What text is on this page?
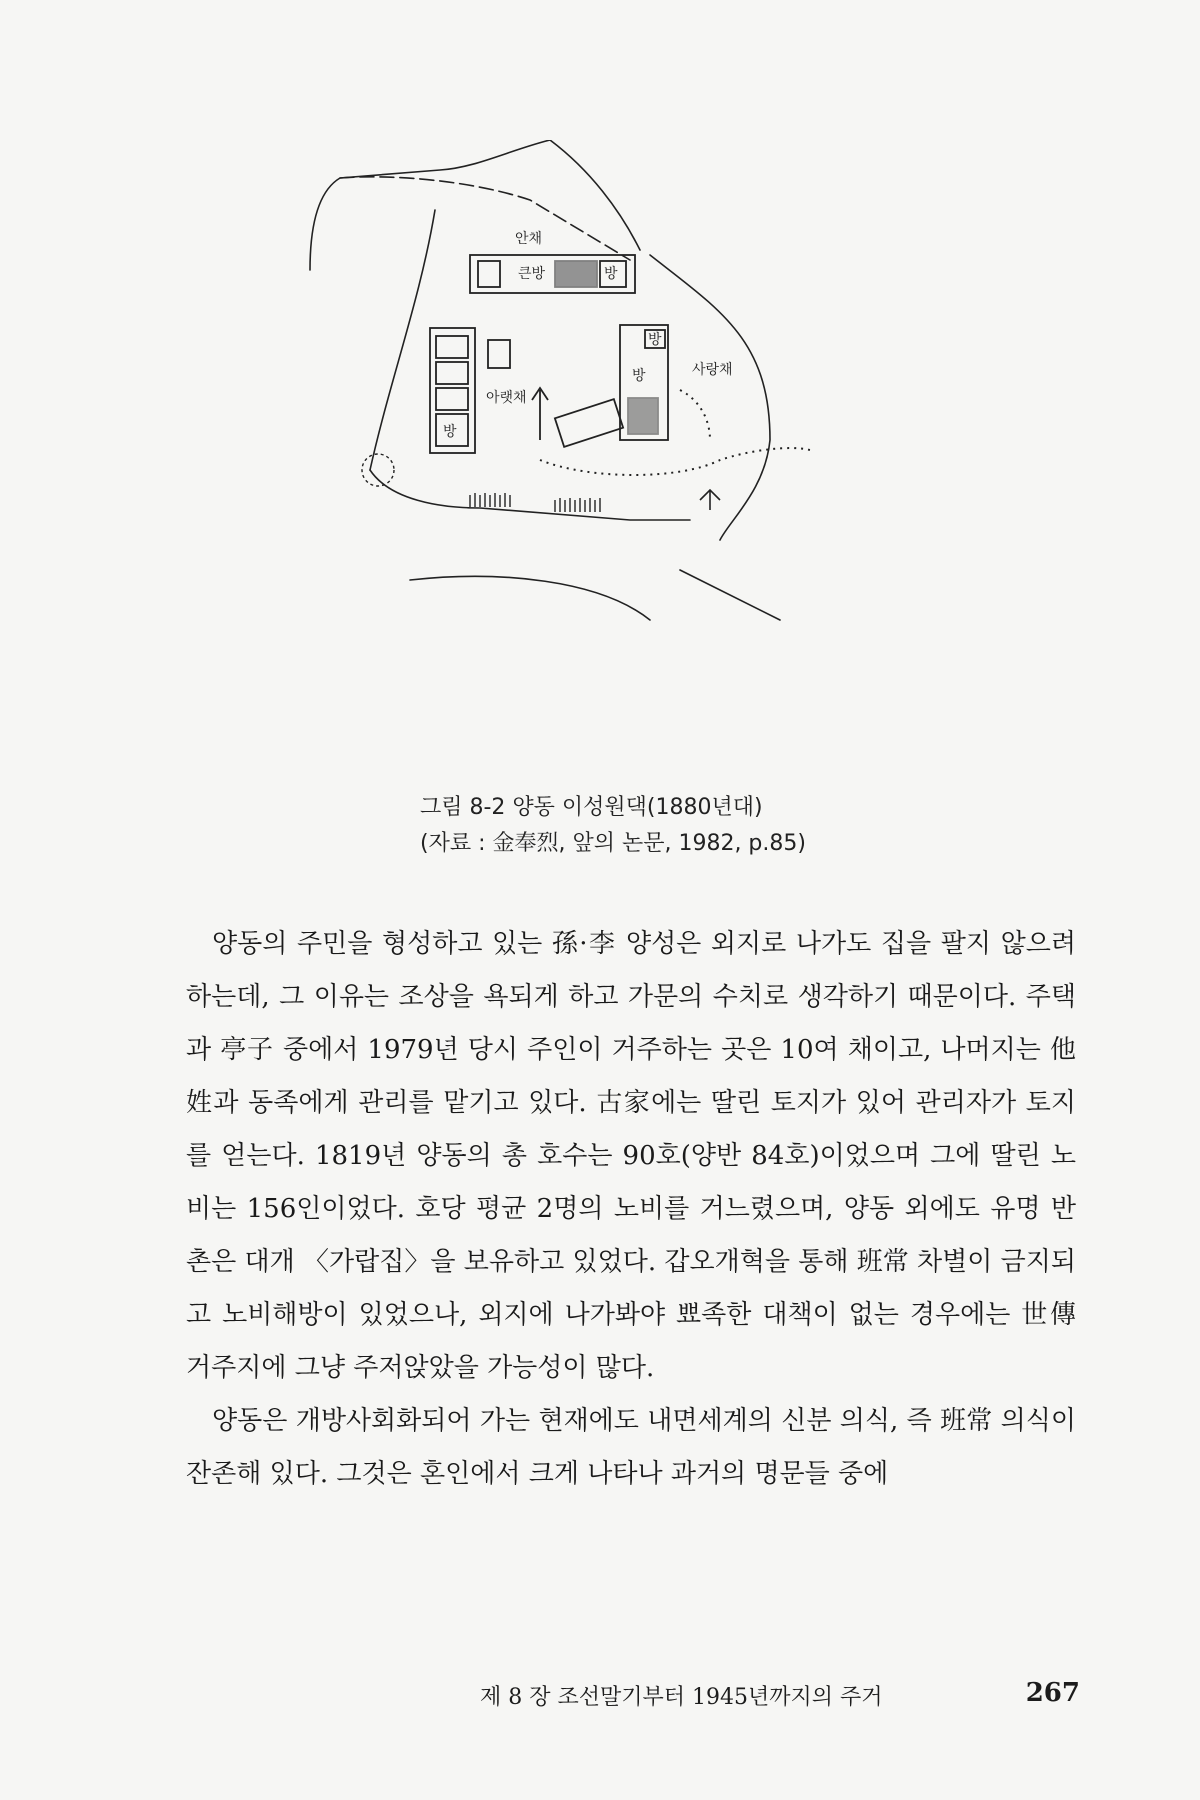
안채
큰방	방
방
아랫채
방
방	사랑채
그림 8-2 양동 이성원댁(1880년대)
(자료 : 金奉烈, 앞의 논문, 1982, p.85)

양동의 주민을 형성하고 있는 孫·李 양성은 외지로 나가도 집을 팔지 않으려 하는데, 그 이유는 조상을 욕되게 하고 가문의 수치로 생각하기 때문이다. 주택과 亭子 중에서 1979년 당시 주인이 거주하는 곳은 10여 채이고, 나머지는 他姓과 동족에게 관리를 맡기고 있다. 古家에는 딸린 토지가 있어 관리자가 토지를 얻는다. 1819년 양동의 총 호수는 90호(양반 84호)이었으며 그에 딸린 노비는 156인이었다. 호당 평균 2명의 노비를 거느렸으며, 양동 외에도 유명 반촌은 대개 〈가랍집〉을 보유하고 있었다. 갑오개혁을 통해 班常 차별이 금지되고 노비해방이 있었으나, 외지에 나가봐야 뾰족한 대책이 없는 경우에는 世傳 거주지에 그냥 주저앉았을 가능성이 많다.

양동은 개방사회화되어 가는 현재에도 내면세계의 신분 의식, 즉 班常 의식이 잔존해 있다. 그것은 혼인에서 크게 나타나 과거의 명문들 중에

제 8 장 조선말기부터 1945년까지의 주거	267
